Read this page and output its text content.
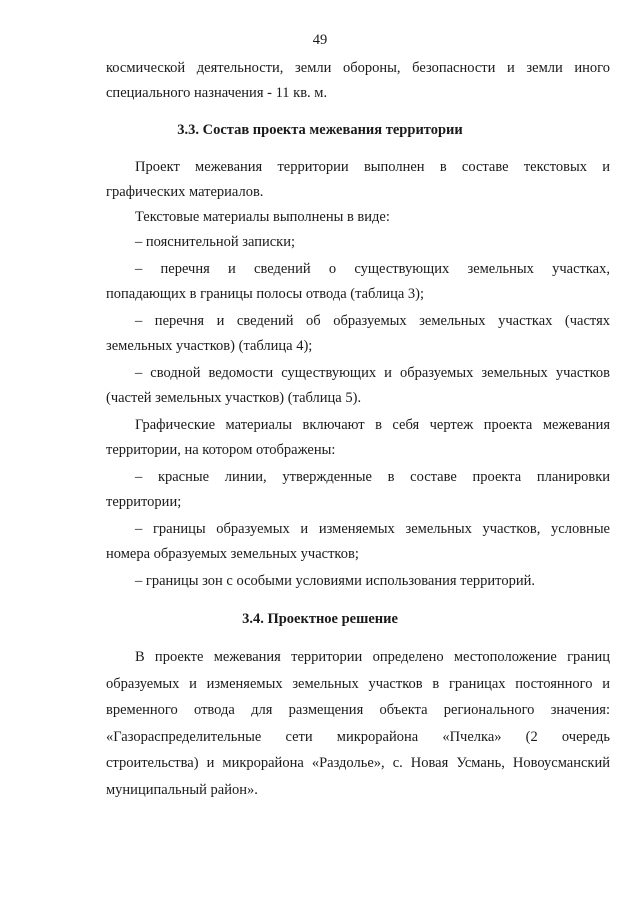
49
космической деятельности, земли обороны, безопасности и земли иного
специального назначения - 11 кв. м.
3.3. Состав проекта межевания территории
Проект межевания территории выполнен в составе текстовых и
графических материалов.
Текстовые материалы выполнены в виде:
– пояснительной записки;
– перечня и сведений о существующих земельных участках,
попадающих в границы полосы отвода (таблица 3);
– перечня и сведений об образуемых земельных участках (частях
земельных участков) (таблица 4);
– сводной ведомости существующих и образуемых земельных участков
(частей земельных участков) (таблица 5).
Графические материалы включают в себя чертеж проекта межевания
территории, на котором отображены:
– красные линии, утвержденные в составе проекта планировки
территории;
– границы образуемых и изменяемых земельных участков, условные
номера образуемых земельных участков;
– границы зон с особыми условиями использования территорий.
3.4. Проектное решение
В проекте межевания территории определено местоположение границ
образуемых и изменяемых земельных участков в границах постоянного и
временного отвода для размещения объекта регионального значения:
«Газораспределительные сети микрорайона «Пчелка» (2 очередь
строительства) и микрорайона «Раздолье», с. Новая Усмань, Новоусманский
муниципальный район».
